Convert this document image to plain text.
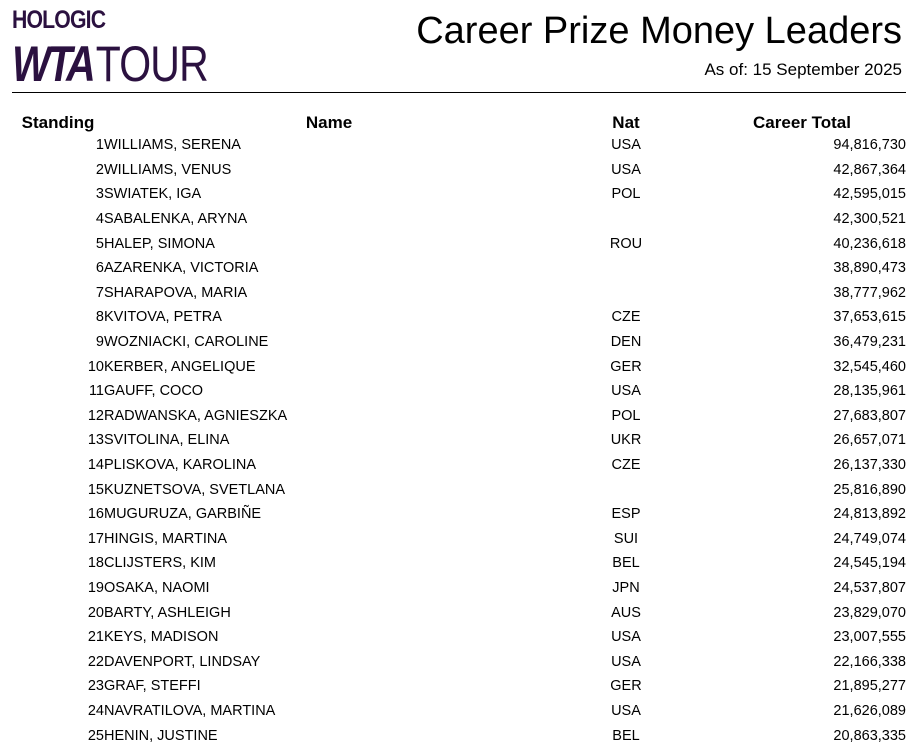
HOLOGIC
WTATOUR
Career Prize Money Leaders
As of: 15 September 2025
Standing	Name	Nat	Career Total
1	WILLIAMS, SERENA	USA	94,816,730
2	WILLIAMS, VENUS	USA	42,867,364
3	SWIATEK, IGA	POL	42,595,015
4	SABALENKA, ARYNA		42,300,521
5	HALEP, SIMONA	ROU	40,236,618
6	AZARENKA, VICTORIA		38,890,473
7	SHARAPOVA, MARIA		38,777,962
8	KVITOVA, PETRA	CZE	37,653,615
9	WOZNIACKI, CAROLINE	DEN	36,479,231
10	KERBER, ANGELIQUE	GER	32,545,460
11	GAUFF, COCO	USA	28,135,961
12	RADWANSKA, AGNIESZKA	POL	27,683,807
13	SVITOLINA, ELINA	UKR	26,657,071
14	PLISKOVA, KAROLINA	CZE	26,137,330
15	KUZNETSOVA, SVETLANA		25,816,890
16	MUGURUZA, GARBIÑE	ESP	24,813,892
17	HINGIS, MARTINA	SUI	24,749,074
18	CLIJSTERS, KIM	BEL	24,545,194
19	OSAKA, NAOMI	JPN	24,537,807
20	BARTY, ASHLEIGH	AUS	23,829,070
21	KEYS, MADISON	USA	23,007,555
22	DAVENPORT, LINDSAY	USA	22,166,338
23	GRAF, STEFFI	GER	21,895,277
24	NAVRATILOVA, MARTINA	USA	21,626,089
25	HENIN, JUSTINE	BEL	20,863,335
